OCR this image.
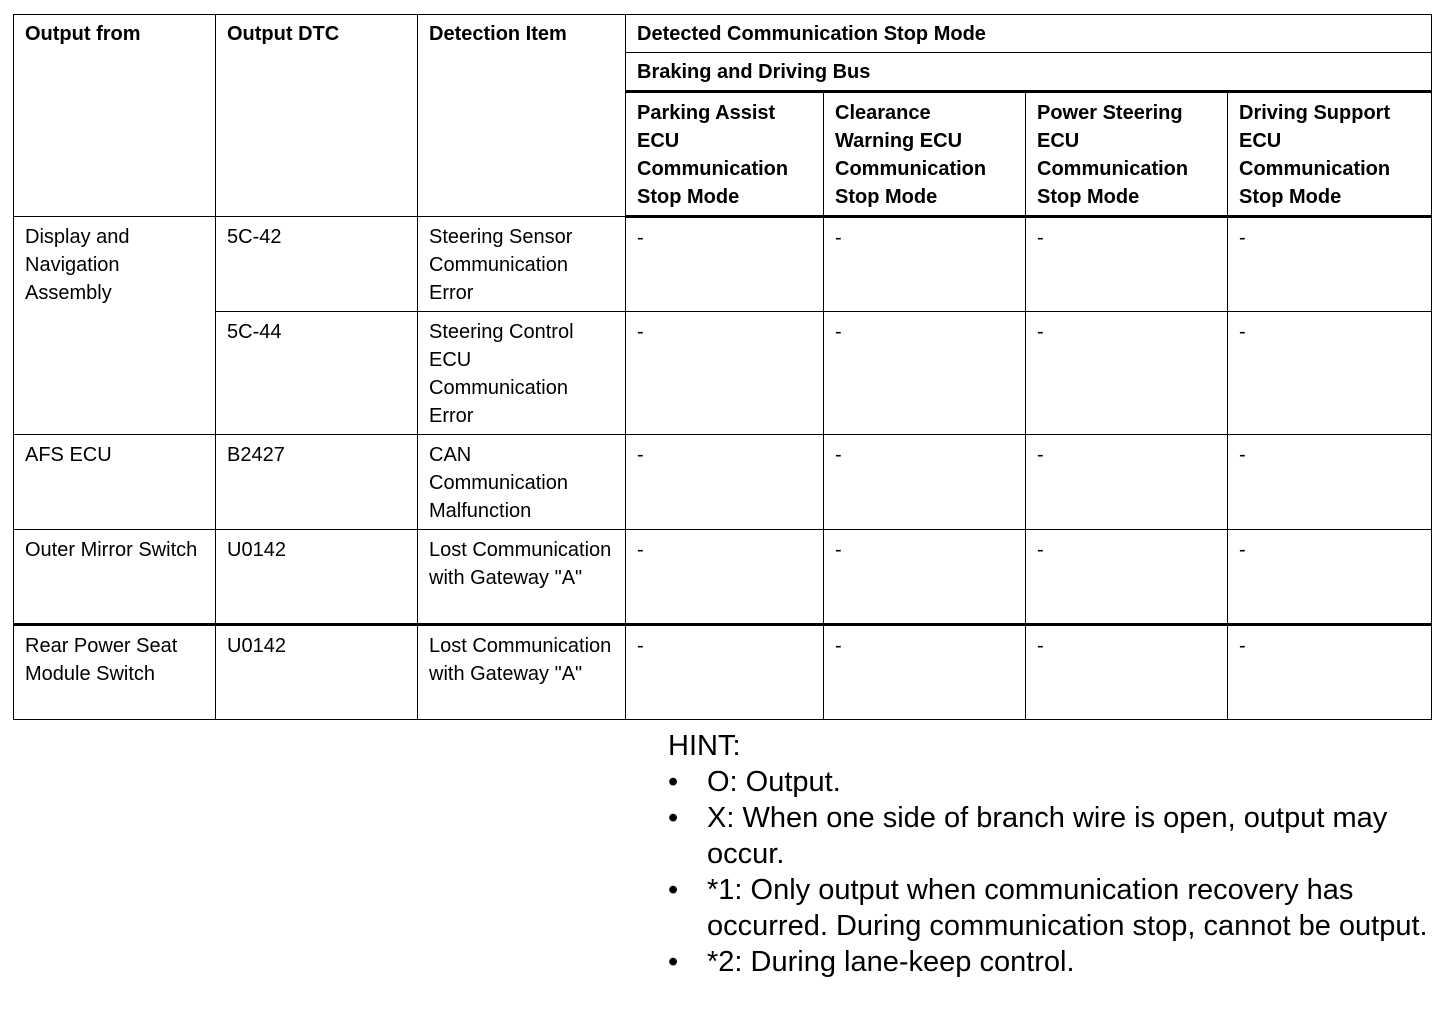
Output from	Output DTC	Detection Item	Detected Communication Stop Mode			
			Braking and Driving Bus			
			Parking Assist ECU Communication Stop Mode	Clearance Warning ECU Communication Stop Mode	Power Steering ECU Communication Stop Mode	Driving Support ECU Communication Stop Mode
Display and Navigation Assembly	5C-42	Steering Sensor Communication Error	-	-	-	-
	5C-44	Steering Control ECU Communication Error	-	-	-	-
AFS ECU	B2427	CAN Communication Malfunction	-	-	-	-
Outer Mirror Switch	U0142	Lost Communication with Gateway "A"	-	-	-	-
Rear Power Seat Module Switch	U0142	Lost Communication with Gateway "A"	-	-	-	-

HINT:

• O: Output.
• X: When one side of branch wire is open, output may occur.
• *1: Only output when communication recovery has occurred. During communication stop, cannot be output.
• *2: During lane-keep control.
